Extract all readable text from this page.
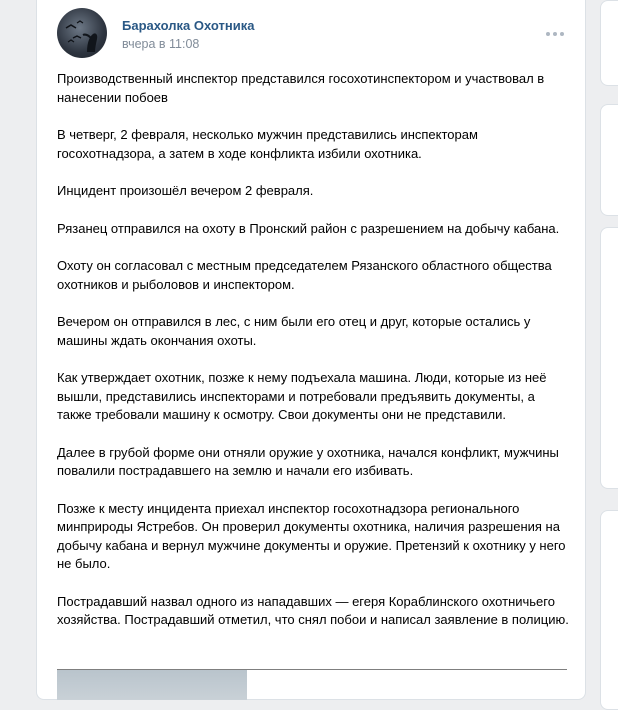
Барахолка Охотника
вчера в 11:08

Производственный инспектор представился госохотинспектором и участвовал в нанесении побоев

В четверг, 2 февраля, несколько мужчин представились инспекторам госохотнадзора, а затем в ходе конфликта избили охотника.

Инцидент произошёл вечером 2 февраля.

Рязанец отправился на охоту в Пронский район с разрешением на добычу кабана.

Охоту он согласовал с местным председателем Рязанского областного общества охотников и рыболовов и инспектором.

Вечером он отправился в лес, с ним были его отец и друг, которые остались у машины ждать окончания охоты.

Как утверждает охотник, позже к нему подъехала машина. Люди, которые из неё вышли, представились инспекторами и потребовали предъявить документы, а также требовали машину к осмотру. Свои документы они не представили.

Далее в грубой форме они отняли оружие у охотника, начался конфликт, мужчины повалили пострадавшего на землю и начали его избивать.

Позже к месту инцидента приехал инспектор госохотнадзора регионального минприроды Ястребов. Он проверил документы охотника, наличия разрешения на добычу кабана и вернул мужчине документы и оружие. Претензий к охотнику у него не было.

Пострадавший назвал одного из нападавших — егеря Кораблинского охотничьего хозяйства. Пострадавший отметил, что снял побои и написал заявление в полицию.
